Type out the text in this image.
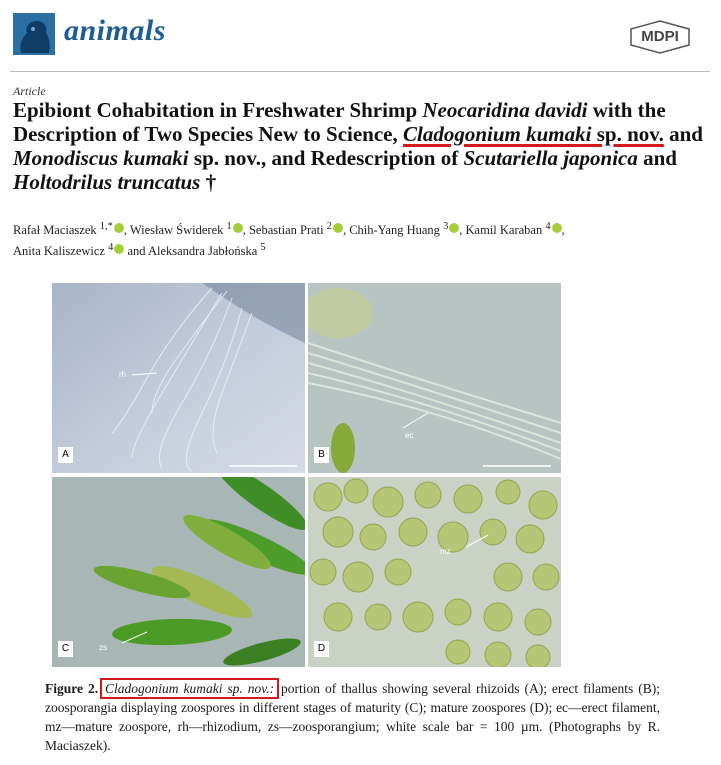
animals	MDPI
Article
Epibiont Cohabitation in Freshwater Shrimp Neocaridina davidi with the Description of Two Species New to Science, Cladogonium kumaki sp. nov. and Monodiscus kumaki sp. nov., and Redescription of Scutariella japonica and Holtodrilus truncatus †
Rafał Maciaszek $^{1,*}$ , Wiesław Świderek $^1$ , Sebastian Prati $^2$ , Chih-Yang Huang $^3$ , Kamil Karaban $^4$ ,
Anita Kaliszewicz $^4$ and Aleksandra Jabłońska $^5$
rh
A
ec
B
zs
C
mz
D
Figure 2. Cladogonium kumaki sp. nov.: portion of thallus showing several rhizoids (A); erect filaments (B); zoosporangia displaying zoospores in different stages of maturity (C); mature zoospores (D); ec—erect filament, mz—mature zoospore, rh—rhizodium, zs—zoosporangium; white scale bar = 100 µm. (Photographs by R. Maciaszek).
